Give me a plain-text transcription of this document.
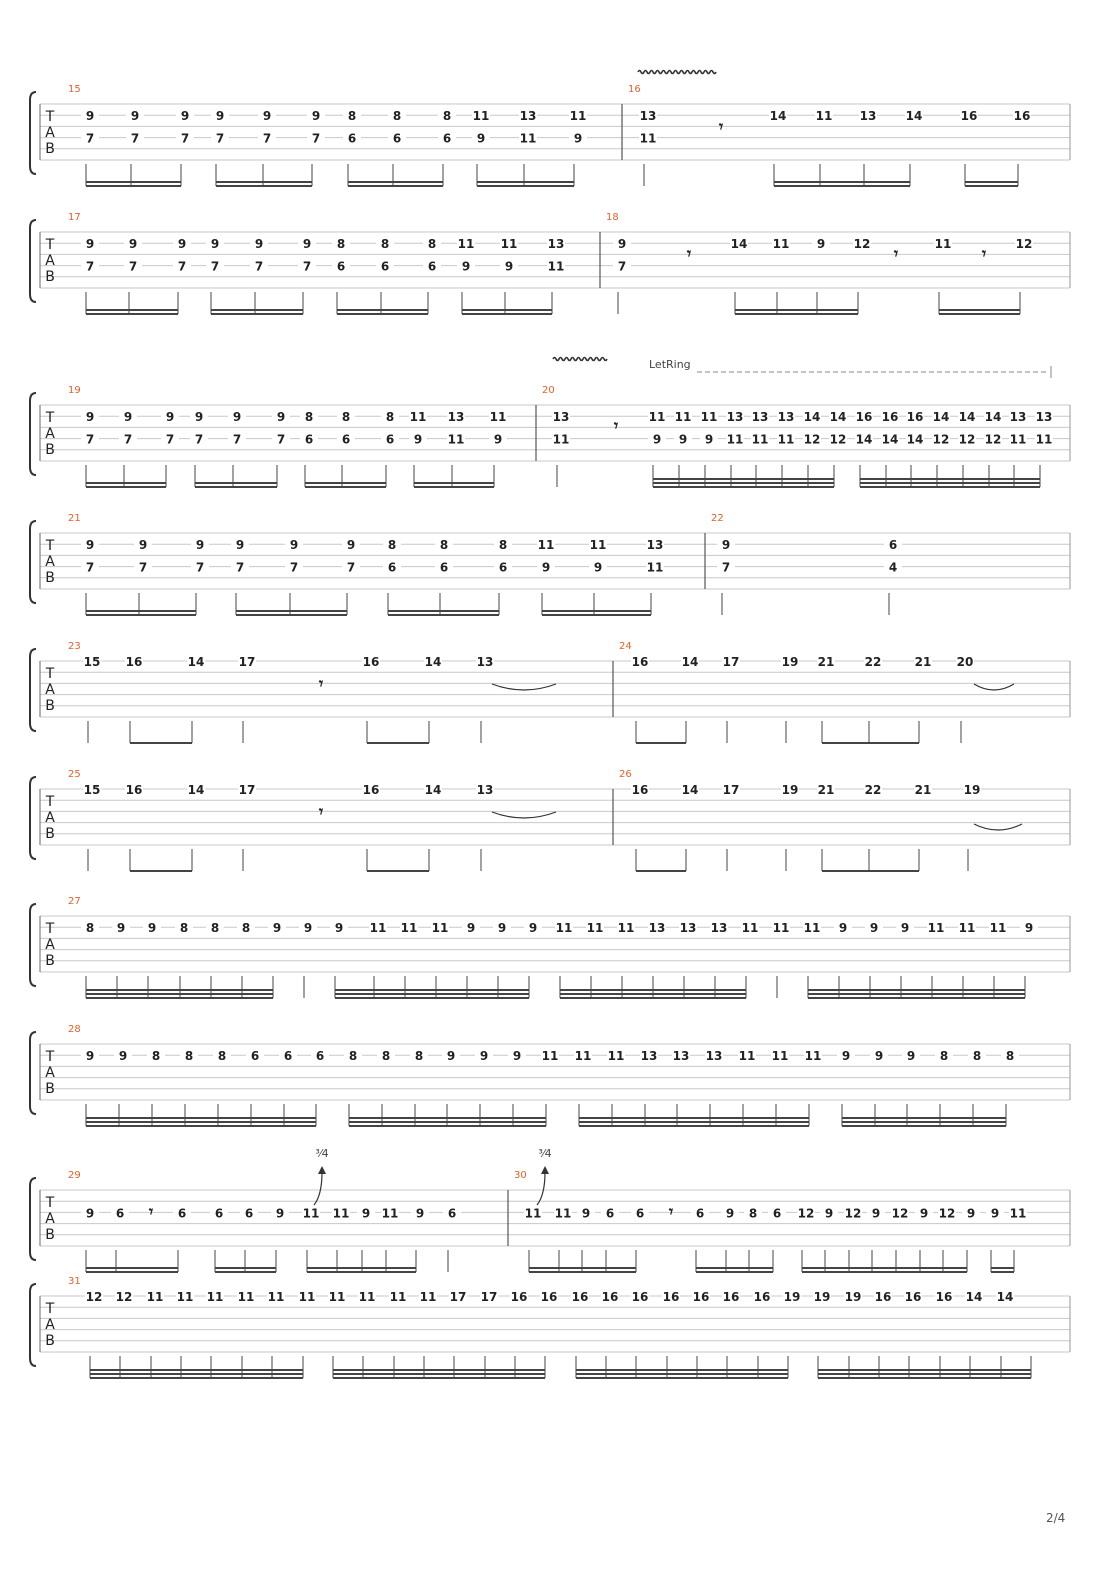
T
A
B
15
9	9	9 9	9	9 8	8	8 11	13	11
7	7	7 7	7	7 6	6	6 9	11	9
16
13	14 11 13 14	16	16
11
T
A
B
17
9	9	9 9	9	9 8	8	8 11 11	13
7	7	7 7	7	7 6	6	6 9	9	11
18
9	14 11 9 12	11	12
7
T
A
B
19
9 9	9 9 9	9 8 8	8 11 13 11
7 7	7 7 7	7 6 6	6 9 11 9
20
13	11 11 11 13 13 13 14 14 16 16 16 14 14 14 13 13
11	9 9 9 11 11 11 12 12 14 14 14 12 12 12 11 11
T
A
B
21
9	9	9	9	9	9	8	8	8	11	11	13
7	7	7	7	7	7	6	6	6	9	9	11
22
9	6
7	4
T
A
B
23
15 16	14	17	16	14	13
24
16	14 17	19 21	22	21 20
T
A
B
25
15 16	14	17	16	14	13
26
16	14 17	19 21	22	21	19
T
A
B
27
8 9 9 8 8 8 9 9 9 11 11 11 9 9 9 11 11 11 13 13 13 11 11 11 9 9 9 11 11 11 9
T
A
B
28
9 9 8 8 8 6 6 6 8 8 8 9 9 9 11 11 11 13 13 13 11 11 11 9 9 9 8 8 8
T
A
B
29
9 6	6 6 6 9 11 11 9 11 9 6
30
11 11 9 6 6	6 9 8 6 12 9 12 9 12 9 12 9 9 11
T
A
B
31
12 12 11 11 11 11 11 11 11 11 11 11 17 17 16 16 16 16 16 16 16 16 16 19 19 19 16 16 16 14 14
LetRing
³⁄4	³⁄4
𝄾
𝄾	𝄾	𝄾
𝄾
𝄾
𝄾
𝄾	𝄾
2/4
